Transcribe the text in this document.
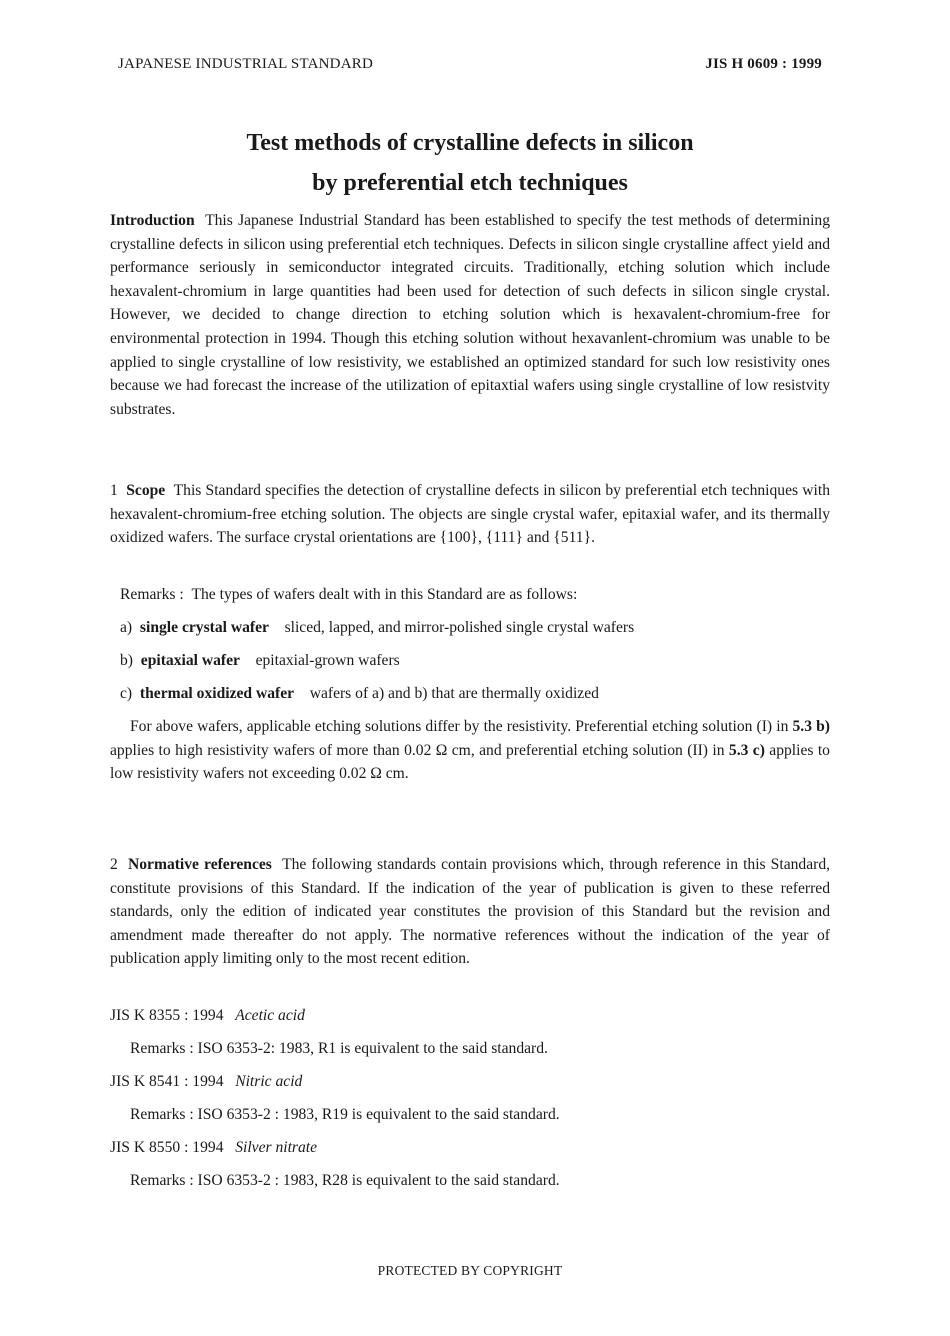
JAPANESE INDUSTRIAL STANDARD	JIS H 0609 : 1999
Test methods of crystalline defects in silicon
by preferential etch techniques
Introduction This Japanese Industrial Standard has been established to specify the test methods of determining crystalline defects in silicon using preferential etch techniques. Defects in silicon single crystalline affect yield and performance seriously in semiconductor integrated circuits. Traditionally, etching solution which include hexavalent-chromium in large quantities had been used for detection of such defects in silicon single crystal. However, we decided to change direction to etching solution which is hexavalent-chromium-free for environmental protection in 1994. Though this etching solution without hexavanlent-chromium was unable to be applied to single crystalline of low resistivity, we established an optimized standard for such low resistivity ones because we had forecast the increase of the utilization of epitaxtial wafers using single crystalline of low resistvity substrates.
1 Scope This Standard specifies the detection of crystalline defects in silicon by preferential etch techniques with hexavalent-chromium-free etching solution. The objects are single crystal wafer, epitaxial wafer, and its thermally oxidized wafers. The surface crystal orientations are {100}, {111} and {511}.
Remarks : The types of wafers dealt with in this Standard are as follows:
a) single crystal wafer sliced, lapped, and mirror-polished single crystal wafers
b) epitaxial wafer epitaxial-grown wafers
c) thermal oxidized wafer wafers of a) and b) that are thermally oxidized
For above wafers, applicable etching solutions differ by the resistivity. Preferential etching solution (I) in 5.3 b) applies to high resistivity wafers of more than 0.02 Ω cm, and preferential etching solution (II) in 5.3 c) applies to low resistivity wafers not exceeding 0.02 Ω cm.
2 Normative references The following standards contain provisions which, through reference in this Standard, constitute provisions of this Standard. If the indication of the year of publication is given to these referred standards, only the edition of indicated year constitutes the provision of this Standard but the revision and amendment made thereafter do not apply. The normative references without the indication of the year of publication apply limiting only to the most recent edition.
JIS K 8355 : 1994 Acetic acid
Remarks : ISO 6353-2: 1983, R1 is equivalent to the said standard.
JIS K 8541 : 1994 Nitric acid
Remarks : ISO 6353-2 : 1983, R19 is equivalent to the said standard.
JIS K 8550 : 1994 Silver nitrate
Remarks : ISO 6353-2 : 1983, R28 is equivalent to the said standard.
PROTECTED BY COPYRIGHT
